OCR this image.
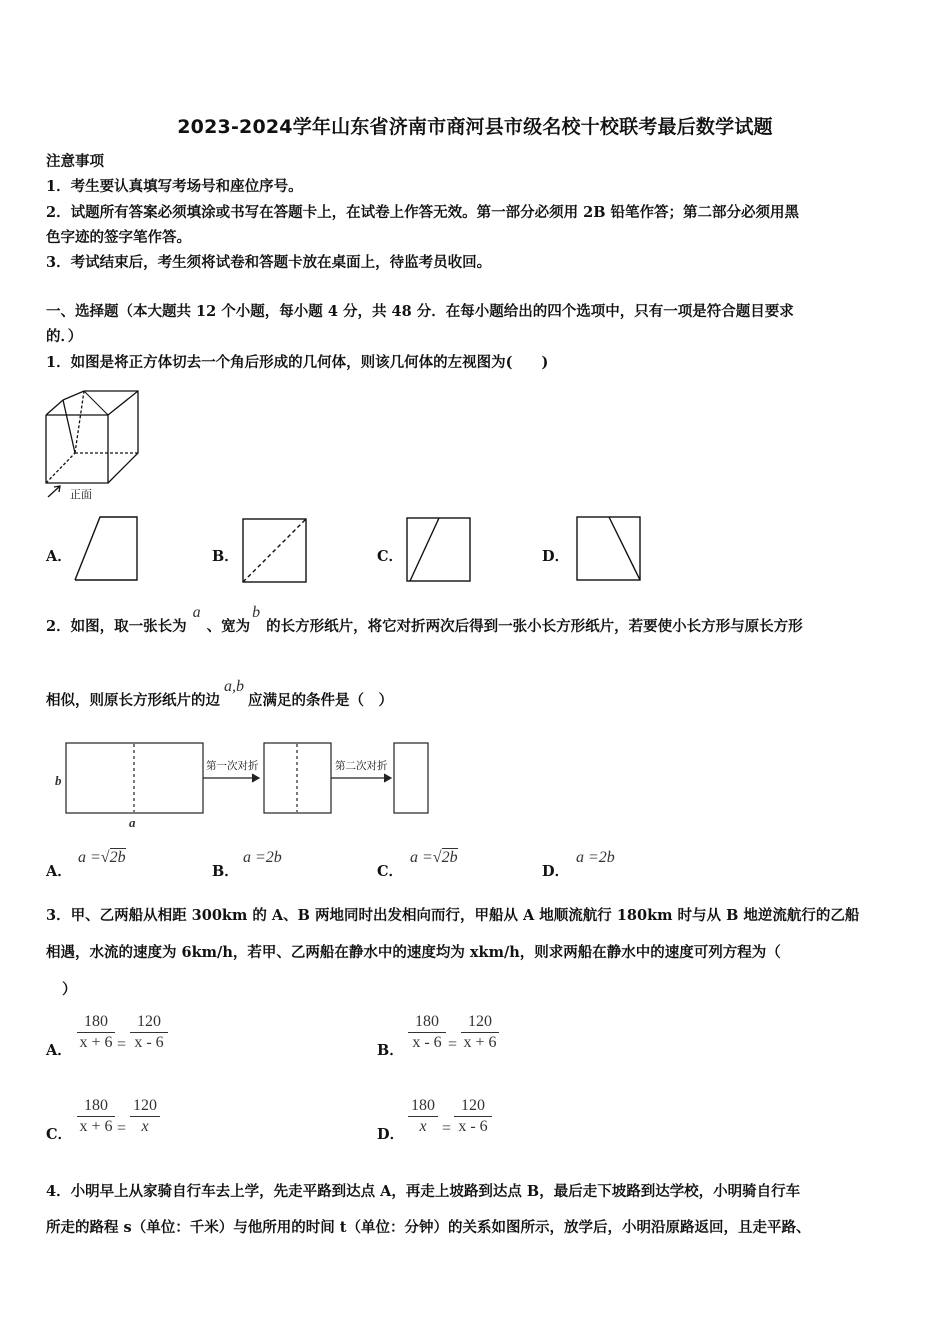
2023-2024学年山东省济南市商河县市级名校十校联考最后数学试题
注意事项
1．考生要认真填写考场号和座位序号。
2．试题所有答案必须填涂或书写在答题卡上，在试卷上作答无效。第一部分必须用 2B 铅笔作答；第二部分必须用黑
色字迹的签字笔作答。
3．考试结束后，考生须将试卷和答题卡放在桌面上，待监考员收回。
一、选择题（本大题共 12 个小题，每小题 4 分，共 48 分．在每小题给出的四个选项中，只有一项是符合题目要求
的．）
1．如图是将正方体切去一个角后形成的几何体，则该几何体的左视图为(　　)
正面
A．	B．	C．	D．
2．如图，取一张长为a、宽为b的长方形纸片，将它对折两次后得到一张小长方形纸片，若要使小长方形与原长方形
相似，则原长方形纸片的边a,b应满足的条件是（　）
b
a
第一次对折	第二次对折
A．
a =√2b
B．
a =2b
C．
a =√2b
D．
a =2b
3．甲、乙两船从相距 300km 的 A、B 两地同时出发相向而行，甲船从 A 地顺流航行 180km 时与从 B 地逆流航行的乙船
相遇，水流的速度为 6km/h，若甲、乙两船在静水中的速度均为 xkm/h，则求两船在静水中的速度可列方程为（
）
A． $\frac{180}{x + 6} = \frac{120}{x - 6}$	B． $\frac{180}{x - 6} = \frac{120}{x + 6}$
C． $\frac{180}{x + 6} = \frac{120}{x}$	D． $\frac{180}{x} = \frac{120}{x - 6}$
4．小明早上从家骑自行车去上学，先走平路到达点 A，再走上坡路到达点 B，最后走下坡路到达学校，小明骑自行车
所走的路程 s（单位：千米）与他所用的时间 t（单位：分钟）的关系如图所示，放学后，小明沿原路返回，且走平路、
